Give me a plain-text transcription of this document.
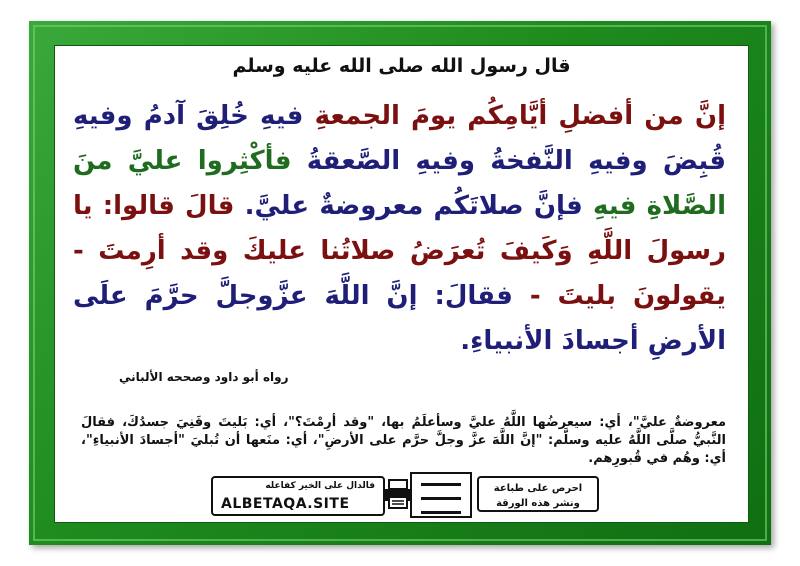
قال رسول الله صلى الله عليه وسلم
إنَّ من أفضلِ أيَّامِكُم يومَ الجمعةِ فيهِ خُلِقَ آدمُ وفيهِ قُبِضَ وفيهِ النَّفخةُ وفيهِ الصَّعقةُ فأكْثِروا عليَّ منَ الصَّلاةِ فيهِ فإنَّ صلاتَكُم معروضةٌ عليَّ. قالَ قالوا: يا رسولَ اللَّهِ وَكَيفَ تُعرَضُ صلاتُنا عليكَ وقد أرِمتَ - يقولونَ بليتَ - فقالَ: إنَّ اللَّهَ عزَّوجلَّ حرَّمَ علَى الأرضِ أجسادَ الأنبياءِ.
رواه أبو داود وصححه الألباني
معروضةٌ عليَّ"، أي: سيعرضُها اللَّهُ عليَّ وسأعلَمُ بها، "وقد أرِمْتَ؟"، أي: بَليتَ وفَنِيَ جسدُكَ، فقالَ النَّبيُّ صلَّى اللَّهُ عليه وسلَّم: "إنَّ اللَّهَ عزَّ وجلَّ حرَّم على الأرضِ"، أي: منَعها أن تُبليَ "أجسادَ الأنبياءِ"، أي: وهُم في قُبورِهم.
فالدال على الخير كفاعله
ALBETAQA.SITE
احرص على طباعة
ونشر هذه الورقة
